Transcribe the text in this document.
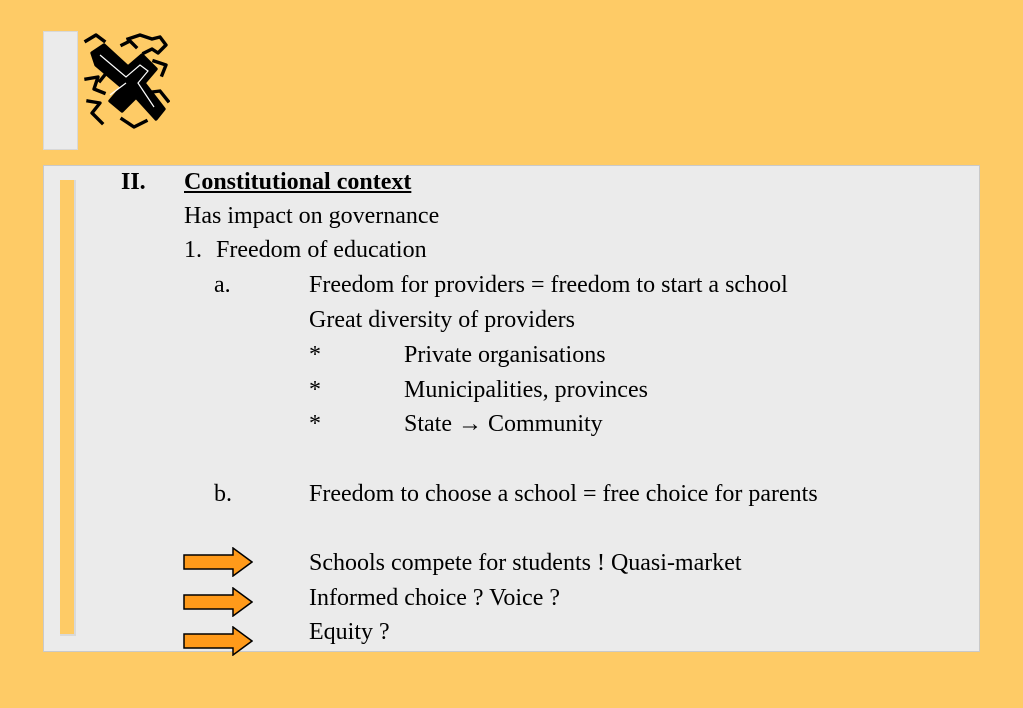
II. Constitutional context
Has impact on governance
1. Freedom of education
a.	Freedom for providers = freedom to start a school
Great diversity of providers
*	Private organisations
*	Municipalities, provinces
*	State → Community
b.	Freedom to choose a school = free choice for parents
Schools compete for students ! Quasi-market
Informed choice ? Voice ?
Equity ?
